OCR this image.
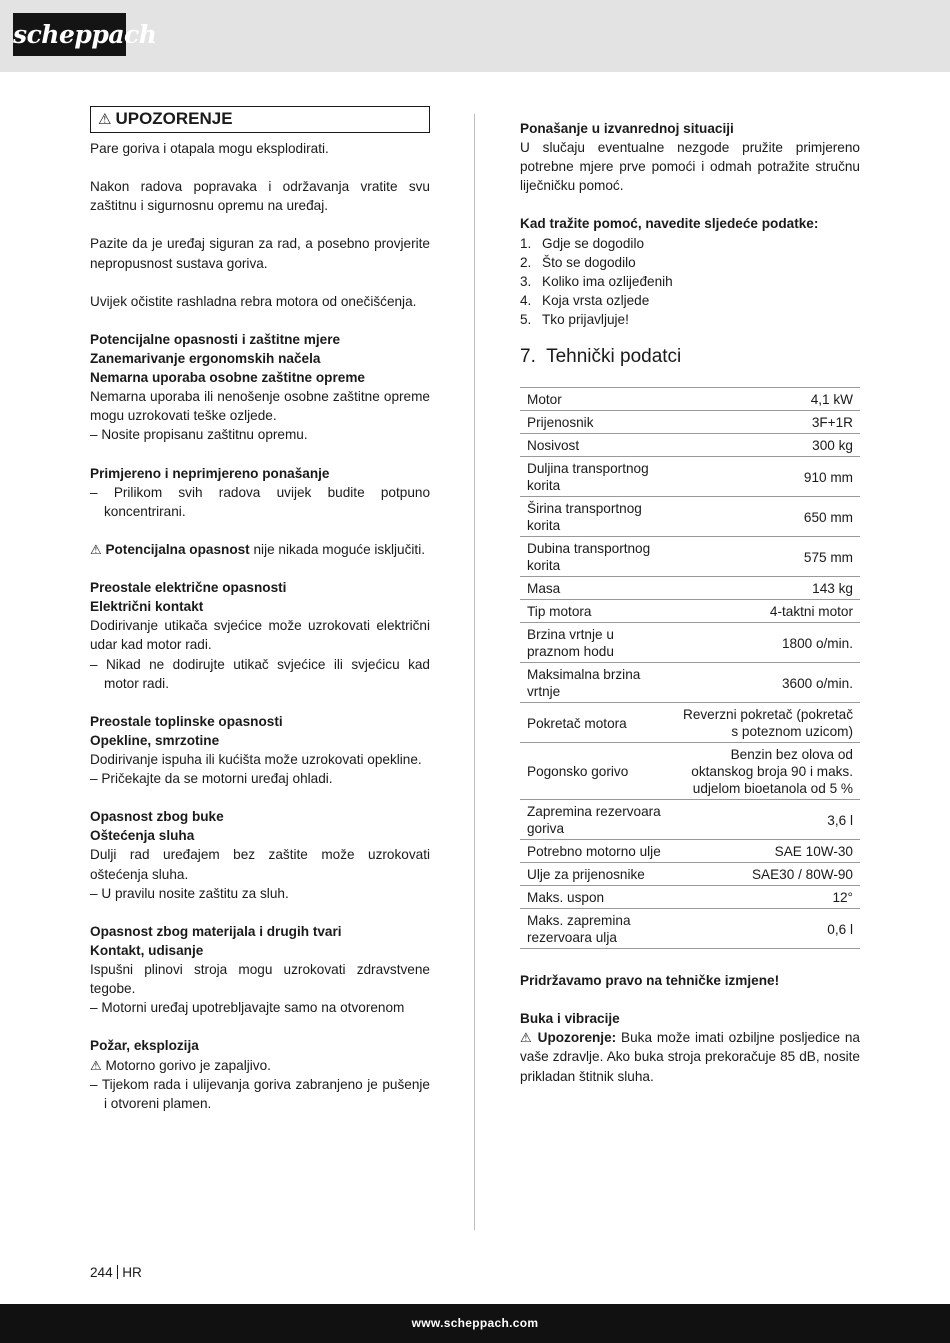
scheppach
⚠ UPOZORENJE

Pare goriva i otapala mogu eksplodirati.

Nakon radova popravaka i održavanja vratite svu zaštitnu i sigurnosnu opremu na uređaj.

Pazite da je uređaj siguran za rad, a posebno provjerite nepropusnost sustava goriva.

Uvijek očistite rashladna rebra motora od onečišćenja.

Potencijalne opasnosti i zaštitne mjere

Zanemarivanje ergonomskih načela

Nemarna uporaba osobne zaštitne opreme

Nemarna uporaba ili nenošenje osobne zaštitne opreme mogu uzrokovati teške ozljede.

– Nosite propisanu zaštitnu opremu.

Primjereno i neprimjereno ponašanje

– Prilikom svih radova uvijek budite potpuno koncentrirani.

⚠ Potencijalna opasnost nije nikada moguće isključiti.

Preostale električne opasnosti

Električni kontakt

Dodirivanje utikača svjećice može uzrokovati električni udar kad motor radi.

– Nikad ne dodirujte utikač svjećice ili svjećicu kad motor radi.

Preostale toplinske opasnosti

Opekline, smrzotine

Dodirivanje ispuha ili kućišta može uzrokovati opekline.

– Pričekajte da se motorni uređaj ohladi.

Opasnost zbog buke

Oštećenja sluha

Dulji rad uređajem bez zaštite može uzrokovati oštećenja sluha.

– U pravilu nosite zaštitu za sluh.

Opasnost zbog materijala i drugih tvari

Kontakt, udisanje

Ispušni plinovi stroja mogu uzrokovati zdravstvene tegobe.

– Motorni uređaj upotrebljavajte samo na otvorenom

Požar, eksplozija

⚠ Motorno gorivo je zapaljivo.

– Tijekom rada i ulijevanja goriva zabranjeno je pušenje i otvoreni plamen.

Ponašanje u izvanrednoj situaciji

U slučaju eventualne nezgode pružite primjereno potrebne mjere prve pomoći i odmah potražite stručnu liječničku pomoć.

Kad tražite pomoć, navedite sljedeće podatke:

1. Gdje se dogodilo
2. Što se dogodilo
3. Koliko ima ozlijeđenih
4. Koja vrsta ozljede
5. Tko prijavljuje!
7. Tehnički podatci
Motor	4,1 kW
Prijenosnik	3F+1R
Nosivost	300 kg
Duljina transportnog korita	910 mm
Širina transportnog korita	650 mm
Dubina transportnog korita	575 mm
Masa	143 kg
Tip motora	4-taktni motor
Brzina vrtnje u praznom hodu	1800 o/min.
Maksimalna brzina vrtnje	3600 o/min.
Pokretač motora	Reverzni pokretač (pokretač s poteznom uzicom)
Pogonsko gorivo	Benzin bez olova od oktanskog broja 90 i maks. udjelom bioetanola od 5 %
Zapremina rezervoara goriva	3,6 l
Potrebno motorno ulje	SAE 10W-30
Ulje za prijenosnike	SAE30 / 80W-90
Maks. uspon	12°
Maks. zapremina rezervoara ulja	0,6 l

Pridržavamo pravo na tehničke izmjene!

Buka i vibracije

⚠ Upozorenje: Buka može imati ozbiljne posljedice na vaše zdravlje. Ako buka stroja prekoračuje 85 dB, nosite prikladan štitnik sluha.

244 HR
www.scheppach.com
